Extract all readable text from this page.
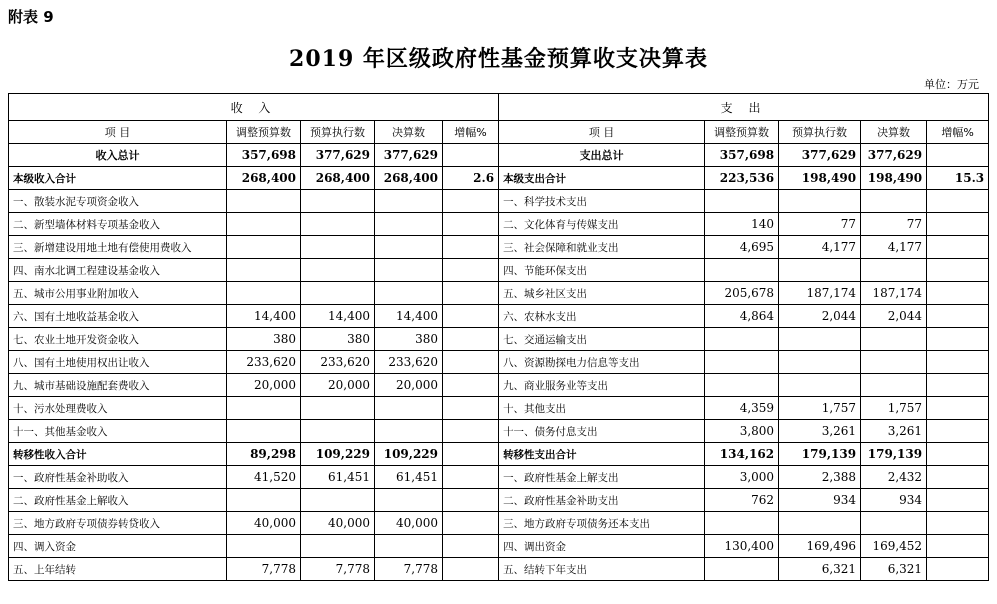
附表 9
2019 年区级政府性基金预算收支决算表
单位：万元
收 入					支 出				
项 目	调整预算数	预算执行数	决算数	增幅%	项 目	调整预算数	预算执行数	决算数	增幅%
收入总计	357,698	377,629	377,629		支出总计	357,698	377,629	377,629	
本级收入合计	268,400	268,400	268,400	2.6	本级支出合计	223,536	198,490	198,490	15.3
一、散装水泥专项资金收入					一、科学技术支出				
二、新型墙体材料专项基金收入					二、文化体育与传媒支出	140	77	77	
三、新增建设用地土地有偿使用费收入					三、社会保障和就业支出	4,695	4,177	4,177	
四、南水北调工程建设基金收入					四、节能环保支出				
五、城市公用事业附加收入					五、城乡社区支出	205,678	187,174	187,174	
六、国有土地收益基金收入	14,400	14,400	14,400		六、农林水支出	4,864	2,044	2,044	
七、农业土地开发资金收入	380	380	380		七、交通运输支出				
八、国有土地使用权出让收入	233,620	233,620	233,620		八、资源勘探电力信息等支出				
九、城市基础设施配套费收入	20,000	20,000	20,000		九、商业服务业等支出				
十、污水处理费收入					十、其他支出	4,359	1,757	1,757	
十一、其他基金收入					十一、债务付息支出	3,800	3,261	3,261	
转移性收入合计	89,298	109,229	109,229		转移性支出合计	134,162	179,139	179,139	
一、政府性基金补助收入	41,520	61,451	61,451		一、政府性基金上解支出	3,000	2,388	2,432	
二、政府性基金上解收入					二、政府性基金补助支出	762	934	934	
三、地方政府专项债券转贷收入	40,000	40,000	40,000		三、地方政府专项债务还本支出				
四、调入资金					四、调出资金	130,400	169,496	169,452	
五、上年结转	7,778	7,778	7,778		五、结转下年支出		6,321	6,321	
